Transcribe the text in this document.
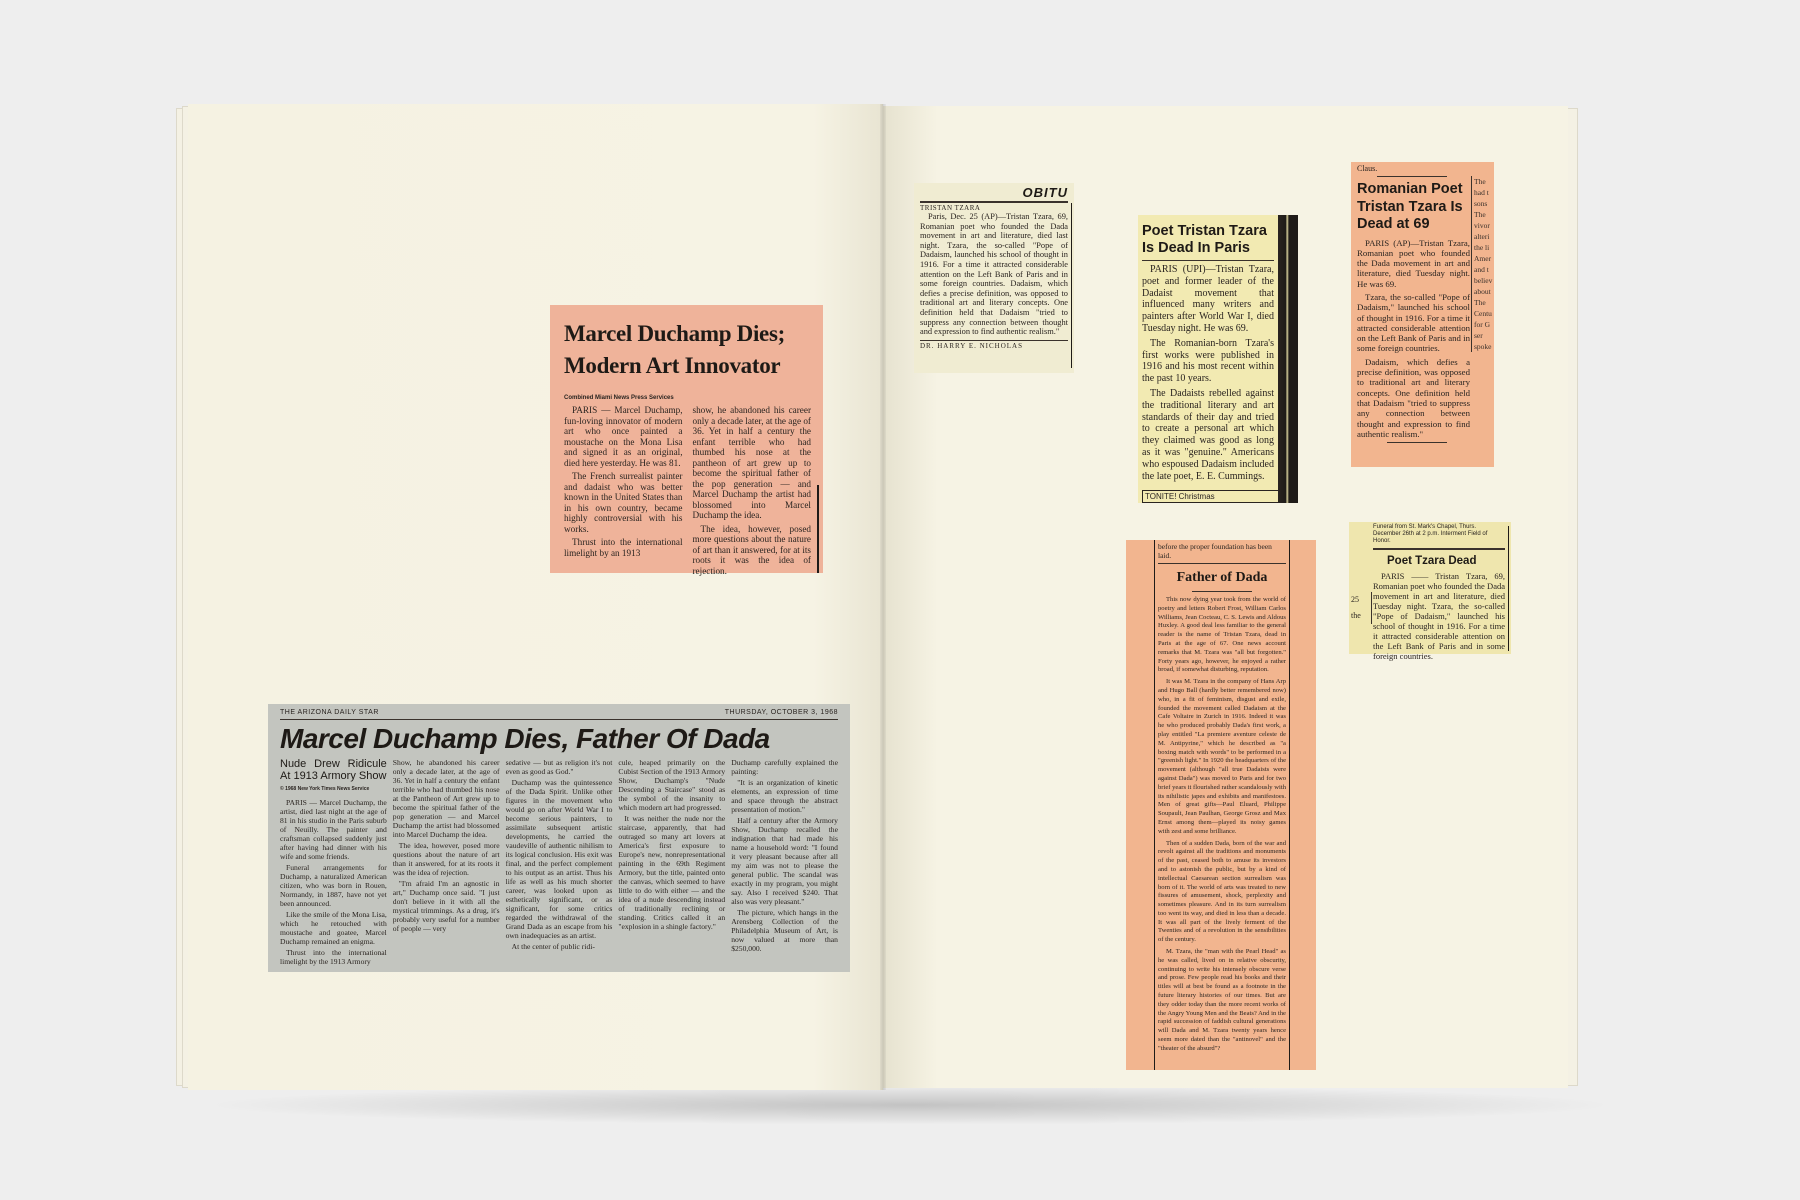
Marcel Duchamp Dies;
Modern Art Innovator
Combined Miami News Press Services

PARIS — Marcel Duchamp, fun-loving innovator of modern art who once painted a moustache on the Mona Lisa and signed it as an original, died here yesterday. He was 81.

The French surrealist painter and dadaist who was better known in the United States than in his own country, became highly controversial with his works.

Thrust into the international limelight by an 1913

show, he abandoned his career only a decade later, at the age of 36. Yet in half a century the enfant terrible who had thumbed his nose at the pantheon of art grew up to become the spiritual father of the pop generation — and Marcel Duchamp the artist had blossomed into Marcel Duchamp the idea.

The idea, however, posed more questions about the nature of art than it answered, for at its roots it was the idea of rejection.

THE ARIZONA DAILY STAR	THURSDAY, OCTOBER 3, 1968
Marcel Duchamp Dies, Father Of Dada
Nude Drew Ridicule At 1913 Armory Show
© 1968 New York Times News Service

PARIS — Marcel Duchamp, the artist, died last night at the age of 81 in his studio in the Paris suburb of Neuilly. The painter and craftsman collapsed suddenly just after having had dinner with his wife and some friends.

Funeral arrangements for Duchamp, a naturalized American citizen, who was born in Rouen, Normandy, in 1887, have not yet been announced.

Like the smile of the Mona Lisa, which he retouched with moustache and goatee, Marcel Duchamp remained an enigma.

Thrust into the international limelight by the 1913 Armory

Show, he abandoned his career only a decade later, at the age of 36. Yet in half a century the enfant terrible who had thumbed his nose at the Pantheon of Art grew up to become the spiritual father of the pop generation — and Marcel Duchamp the artist had blossomed into Marcel Duchamp the idea.

The idea, however, posed more questions about the nature of art than it answered, for at its roots it was the idea of rejection.

"I'm afraid I'm an agnostic in art," Duchamp once said. "I just don't believe in it with all the mystical trimmings. As a drug, it's probably very useful for a number of people — very

sedative — but as religion it's not even as good as God."

Duchamp was the quintessence of the Dada Spirit. Unlike other figures in the movement who would go on after World War I to become serious painters, to assimilate subsequent artistic developments, he carried the vaudeville of authentic nihilism to its logical conclusion. His exit was final, and the perfect complement to his output as an artist. Thus his life as well as his much shorter career, was looked upon as esthetically significant, or as significant, for some critics regarded the withdrawal of the Grand Dada as an escape from his own inadequacies as an artist.

At the center of public ridi-

cule, heaped primarily on the Cubist Section of the 1913 Armory Show, Duchamp's "Nude Descending a Staircase" stood as the symbol of the insanity to which modern art had progressed.

It was neither the nude nor the staircase, apparently, that had outraged so many art lovers at America's first exposure to Europe's new, nonrepresentational painting in the 69th Regiment Armory, but the title, painted onto the canvas, which seemed to have little to do with either — and the idea of a nude descending instead of traditionally reclining or standing. Critics called it an "explosion in a shingle factory."

Duchamp carefully explained the painting:

"It is an organization of kinetic elements, an expression of time and space through the abstract presentation of motion."

Half a century after the Armory Show, Duchamp recalled the indignation that had made his name a household word: "I found it very pleasant because after all my aim was not to please the general public. The scandal was exactly in my program, you might say. Also I received $240. That also was very pleasant."

The picture, which hangs in the Arensberg Collection of the Philadelphia Museum of Art, is now valued at more than $250,000.

OBITU
TRISTAN TZARA
Paris, Dec. 25 (AP)—Tristan Tzara, 69, Romanian poet who founded the Dada movement in art and literature, died last night. Tzara, the so-called "Pope of Dadaism, launched his school of thought in 1916. For a time it attracted considerable attention on the Left Bank of Paris and in some foreign countries. Dadaism, which defies a precise definition, was opposed to traditional art and literary concepts. One definition held that Dadaism "tried to suppress any connection between thought and expression to find authentic realism."
DR. HARRY E. NICHOLAS
Poet Tristan Tzara Is Dead In Paris

PARIS (UPI)—Tristan Tzara, poet and former leader of the Dadaist movement that influenced many writers and painters after World War I, died Tuesday night. He was 69.

The Romanian-born Tzara's first works were published in 1916 and his most recent within the past 10 years.

The Dadaists rebelled against the traditional literary and art standards of their day and tried to create a personal art which they claimed was good as long as it was "genuine." Americans who espoused Dadaism included the late poet, E. E. Cummings.

TONITE! Christmas
Claus.
Romanian Poet Tristan Tzara Is Dead at 69

PARIS (AP)—Tristan Tzara, Romanian poet who founded the Dada movement in art and literature, died Tuesday night. He was 69.

Tzara, the so-called "Pope of Dadaism," launched his school of thought in 1916. For a time it attracted considerable attention on the Left Bank of Paris and in some foreign countries.

Dadaism, which defies a precise definition, was opposed to traditional art and literary concepts. One definition held that Dadaism "tried to suppress any connection between thought and expression to find authentic realism."

The
had t
sons
The
vivor
alteri
the li
Amer
and t
believ
about
The
Centu
for G
ser
spoke
before the proper foundation has been laid.
Father of Dada

This now dying year took from the world of poetry and letters Robert Frost, William Carlos Williams, Jean Cocteau, C. S. Lewis and Aldous Huxley. A good deal less familiar to the general reader is the name of Tristan Tzara, dead in Paris at the age of 67. One news account remarks that M. Tzara was "all but forgotten." Forty years ago, however, he enjoyed a rather broad, if somewhat disturbing, reputation.

It was M. Tzara in the company of Hans Arp and Hugo Ball (hardly better remembered now) who, in a fit of feminism, disgust and exile, founded the movement called Dadaism at the Cafe Voltaire in Zurich in 1916. Indeed it was he who produced probably Dada's first work, a play entitled "La premiere aventure celeste de M. Antipyrine," which he described as "a boxing match with words" to be performed in a "greenish light." In 1920 the headquarters of the movement (although "all true Dadaists were against Dada") was moved to Paris and for two brief years it flourished rather scandalously with its nihilistic japes and exhibits and manifestoes. Men of great gifts—Paul Eluard, Philippe Soupault, Jean Paulhan, George Grosz and Max Ernst among them—played its noisy games with zest and some brilliance.

Then of a sudden Dada, born of the war and revolt against all the traditions and monuments of the past, ceased both to amuse its investors and to astonish the public, but by a kind of intellectual Caesarean section surrealism was born of it. The world of arts was treated to new fissures of amusement, shock, perplexity and sometimes pleasure. And in its turn surrealism too went its way, and died in less than a decade. It was all part of the lively ferment of the Twenties and of a revolution in the sensibilities of the century.

M. Tzara, the "man with the Pearl Head" as he was called, lived on in relative obscurity, continuing to write his intensely obscure verse and prose. Few people read his books and their titles will at best be found as a footnote in the future literary histories of our times. But are they odder today than the more recent works of the Angry Young Men and the Beats? And in the rapid succession of faddish cultural generations will Dada and M. Tzara twenty years hence seem more dated than the "antinovel" and the "theater of the absurd"?

Funeral from St. Mark's Chapel, Thurs. December 26th at 2 p.m. Interment Field of Honor.
Poet Tzara Dead
PARIS —— Tristan Tzara, 69, Romanian poet who founded the Dada movement in art and literature, died Tuesday night. Tzara, the so-called "Pope of Dadaism," launched his school of thought in 1916. For a time it attracted considerable attention on the Left Bank of Paris and in some foreign countries.
25
the
